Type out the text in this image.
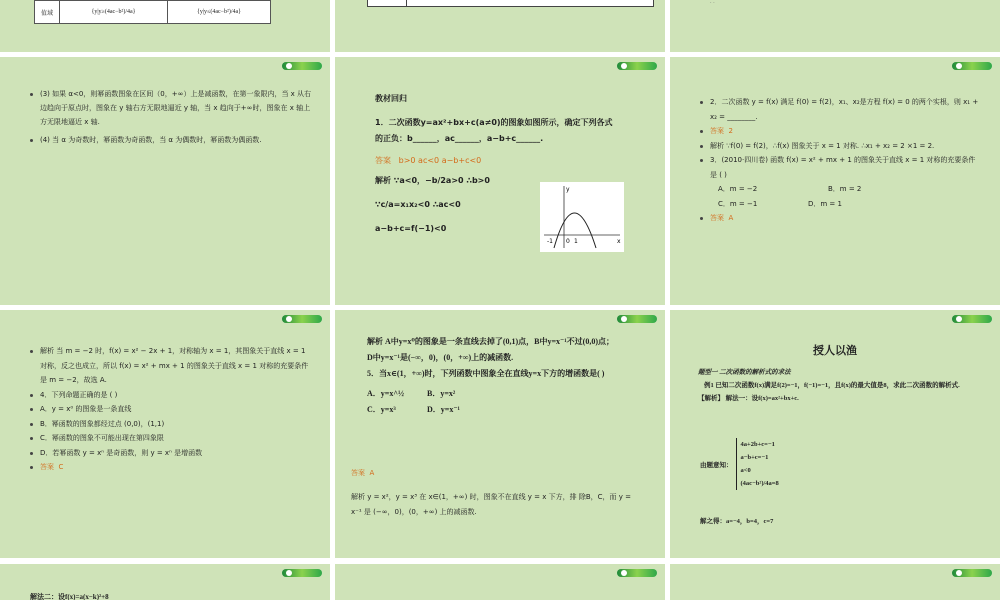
值域	{y|y≥(4ac−b²)/4a}	{y|y≤(4ac−b²)/4a}
· ·
(3) 如果 α<0，则幂函数图象在区间（0，+∞）上是减函数，在第一象限内，当 x 从右边趋向于原点时，图象在 y 轴右方无限地逼近 y 轴，当 x 趋向于+∞时，图象在 x 轴上方无限地逼近 x 轴.
(4) 当 α 为奇数时，幂函数为奇函数，当 α 为偶数时，幂函数为偶函数.
教材回归
1．二次函数y=ax²+bx+c(a≠0)的图象如图所示，确定下列各式的正负：b______，ac______，a−b+c______.
答案 b>0 ac<0 a−b+c<0
解析 ∵a<0，−b/2a>0 ∴b>0
∵c/a=x₁x₂<0 ∴ac<0
a−b+c=f(−1)<0
-1 0 1	x
y
2．二次函数 y = f(x) 满足 f(0) = f(2)，x₁、x₂是方程 f(x) = 0 的两个实根，则 x₁ + x₂ = ________.
答案 2
解析 ∵f(0) = f(2)，∴f(x) 图象关于 x = 1 对称. ∴x₁ + x₂ = 2 ×1 = 2.
3．(2010·四川卷) 函数 f(x) = x² + mx + 1 的图象关于直线 x = 1 对称的充要条件是 ( )
A．m = −2	B．m = 2
C．m = −1	D．m = 1
答案 A
解析 当 m = −2 时，f(x) = x² − 2x + 1，对称轴为 x = 1，其图象关于直线 x = 1 对称，反之也成立，所以 f(x) = x² + mx + 1 的图象关于直线 x = 1 对称的充要条件是 m = −2，故选 A.
4．下列命题正确的是 ( )
A．y = x⁰ 的图象是一条直线
B．幂函数的图象都经过点 (0,0)，(1,1)
C．幂函数的图象不可能出现在第四象限
D．若幂函数 y = xⁿ 是奇函数，则 y = xⁿ 是增函数
答案 C
解析 A中y=x⁰的图象是一条直线去掉了(0,1)点，B中y=x⁻¹不过(0,0)点；
D中y=x⁻¹是(−∞，0)，(0，+∞)上的减函数.
5．当x∈(1，+∞)时，下列函数中图象全在直线y=x下方的增函数是( )
A．y=x^½	B．y=x²
C．y=x³	D．y=x⁻¹
答案 A
解析 y = x²，y = x³ 在 x∈(1，+∞) 时，图象不在直线 y = x 下方，排 除B，C，而 y = x⁻¹ 是 (−∞，0)，(0，+∞) 上的减函数.
授人以渔
题型一 二次函数的解析式的求法
例1 已知二次函数f(x)满足f(2)=−1，f(−1)=−1，且f(x)的最大值是8，求此二次函数的解析式.
【解析】 解法一：设f(x)=ax²+bx+c.
由题意知：
4a+2b+c=−1
a−b+c=−1
a<0
(4ac−b²)/4a=8
解之得：a=−4，b=4，c=7
解法二：设f(x)=a(x−k)²+8
